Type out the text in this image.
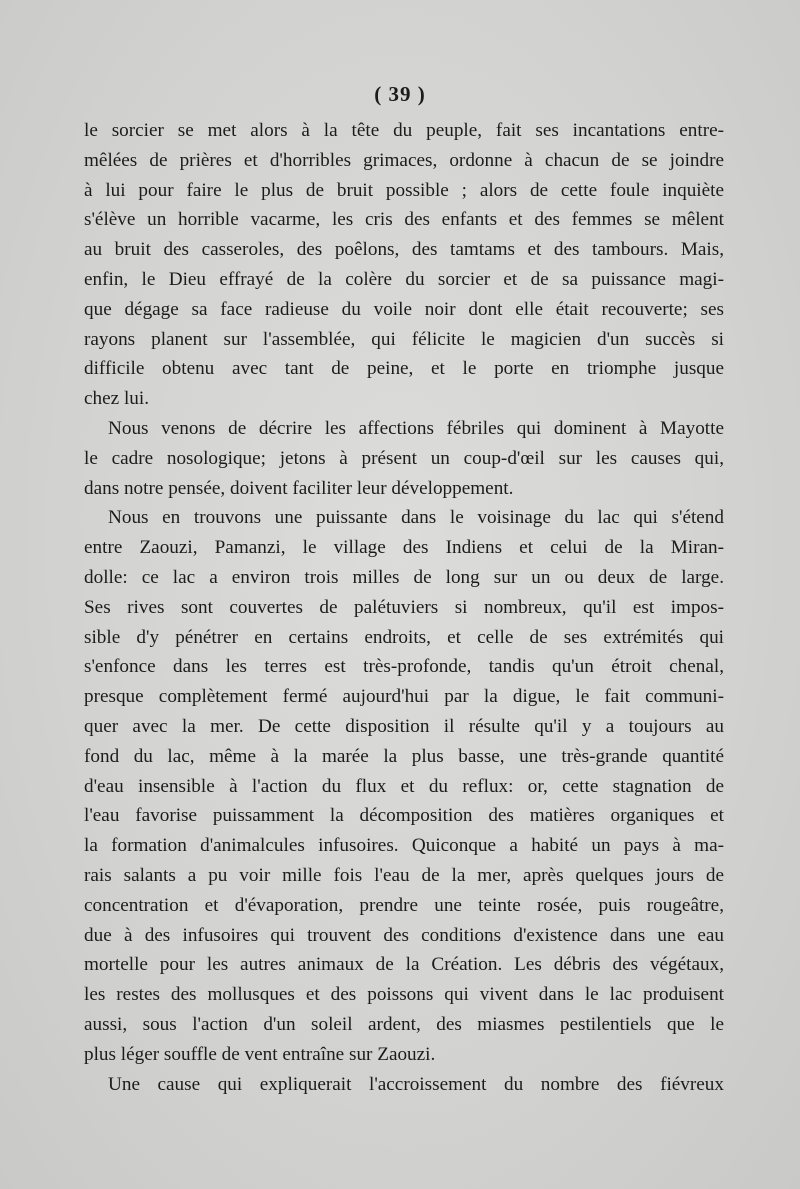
( 39 )
le sorcier se met alors à la tête du peuple, fait ses incantations entre-
mêlées de prières et d'horribles grimaces, ordonne à chacun de se joindre
à lui pour faire le plus de bruit possible ; alors de cette foule inquiète
s'élève un horrible vacarme, les cris des enfants et des femmes se mêlent
au bruit des casseroles, des poêlons, des tamtams et des tambours. Mais,
enfin, le Dieu effrayé de la colère du sorcier et de sa puissance magi-
que dégage sa face radieuse du voile noir dont elle était recouverte; ses
rayons planent sur l'assemblée, qui félicite le magicien d'un succès si
difficile obtenu avec tant de peine, et le porte en triomphe jusque
chez lui.
Nous venons de décrire les affections fébriles qui dominent à Mayotte
le cadre nosologique; jetons à présent un coup-d'œil sur les causes qui,
dans notre pensée, doivent faciliter leur développement.
Nous en trouvons une puissante dans le voisinage du lac qui s'étend
entre Zaouzi, Pamanzi, le village des Indiens et celui de la Miran-
dolle: ce lac a environ trois milles de long sur un ou deux de large.
Ses rives sont couvertes de palétuviers si nombreux, qu'il est impos-
sible d'y pénétrer en certains endroits, et celle de ses extrémités qui
s'enfonce dans les terres est très-profonde, tandis qu'un étroit chenal,
presque complètement fermé aujourd'hui par la digue, le fait communi-
quer avec la mer. De cette disposition il résulte qu'il y a toujours au
fond du lac, même à la marée la plus basse, une très-grande quantité
d'eau insensible à l'action du flux et du reflux: or, cette stagnation de
l'eau favorise puissamment la décomposition des matières organiques et
la formation d'animalcules infusoires. Quiconque a habité un pays à ma-
rais salants a pu voir mille fois l'eau de la mer, après quelques jours de
concentration et d'évaporation, prendre une teinte rosée, puis rougeâtre,
due à des infusoires qui trouvent des conditions d'existence dans une eau
mortelle pour les autres animaux de la Création. Les débris des végétaux,
les restes des mollusques et des poissons qui vivent dans le lac produisent
aussi, sous l'action d'un soleil ardent, des miasmes pestilentiels que le
plus léger souffle de vent entraîne sur Zaouzi.
Une cause qui expliquerait l'accroissement du nombre des fiévreux
